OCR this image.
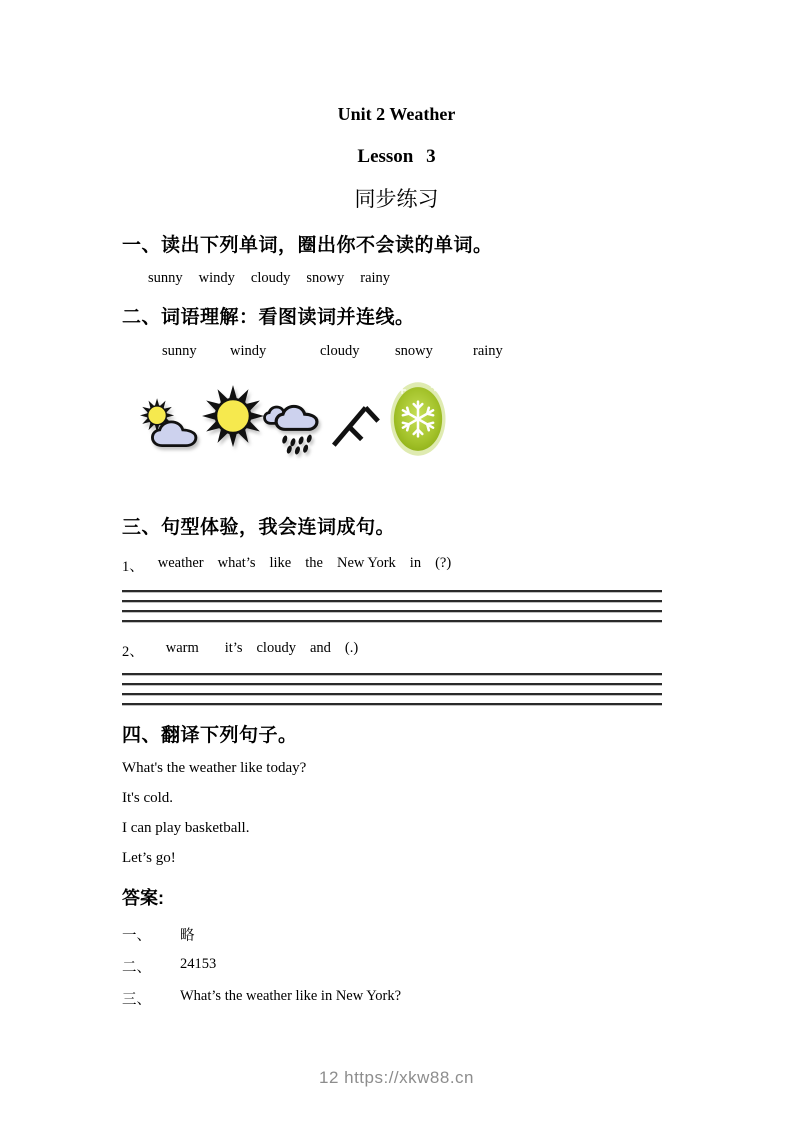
Unit 2 Weather
Lesson 3
同步练习
一、读出下列单词，圈出你不会读的单词。
sunny windy cloudy snowy rainy
二、词语理解：看图读词并连线。
sunny windy	cloudy snowy	rainy
三、句型体验，我会连词成句。
1、 weather what’s like the New York in (?)
2、 warm it’s cloudy and (.)
四、翻译下列句子。
What's the weather like today?
It's cold.
I can play basketball.
Let’s go!
答案:
一、	略
二、	24153
三、	What’s the weather like in New York?
12 https://xkw88.cn
